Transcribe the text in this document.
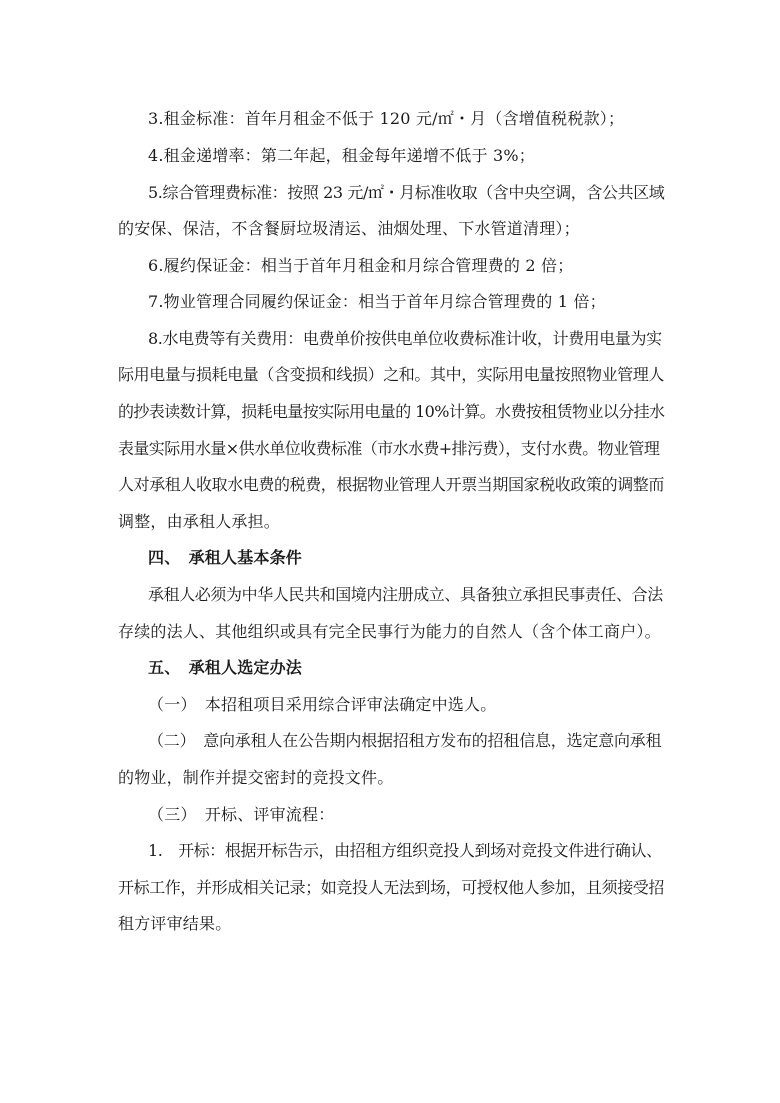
3.租金标准：首年月租金不低于 120 元/㎡・月（含增值税税款）；
4.租金递增率：第二年起，租金每年递增不低于 3%；
5.综合管理费标准：按照 23 元/㎡・月标准收取（含中央空调，含公共区域
的安保、保洁，不含餐厨垃圾清运、油烟处理、下水管道清理）；
6.履约保证金：相当于首年月租金和月综合管理费的 2 倍；
7.物业管理合同履约保证金：相当于首年月综合管理费的 1 倍；
8.水电费等有关费用：电费单价按供电单位收费标准计收，计费用电量为实
际用电量与损耗电量（含变损和线损）之和。其中，实际用电量按照物业管理人
的抄表读数计算，损耗电量按实际用电量的 10%计算。水费按租赁物业以分挂水
表量实际用水量×供水单位收费标准（市水水费+排污费），支付水费。物业管理
人对承租人收取水电费的税费，根据物业管理人开票当期国家税收政策的调整而
调整，由承租人承担。
四、　承租人基本条件
承租人必须为中华人民共和国境内注册成立、具备独立承担民事责任、合法
存续的法人、其他组织或具有完全民事行为能力的自然人（含个体工商户）。
五、　承租人选定办法
（一）　本招租项目采用综合评审法确定中选人。
（二）　意向承租人在公告期内根据招租方发布的招租信息，选定意向承租
的物业，制作并提交密封的竞投文件。
（三）　开标、评审流程：
1.　开标：根据开标告示，由招租方组织竞投人到场对竞投文件进行确认、
开标工作，并形成相关记录；如竞投人无法到场，可授权他人参加，且须接受招
租方评审结果。
